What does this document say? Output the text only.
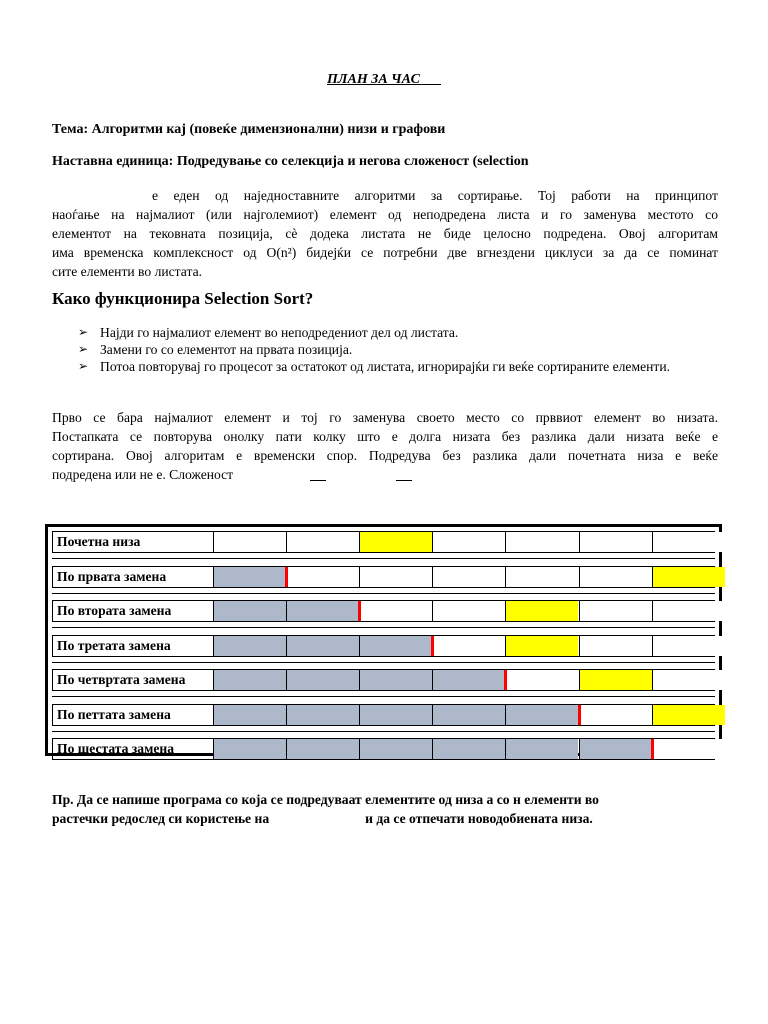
ПЛАН ЗА ЧАС
Тема: Алгоритми кај (повеќе димензионални) низи и графови
Наставна единица: Подредување со селекција и негова сложеност (selection
е еден од наједноставните алгоритми за сортирање. Тој работи на принципот
наоѓање на најмалиот (или најголемиот) елемент од неподредена листа и го заменува местото со
елементот на тековната позиција, сè додека листата не биде целосно подредена. Овој алгоритам
има временска комплексност од O(n²) бидејќи се потребни две вгнездени циклуси за да се поминат
сите елементи во листата.
Како функционира Selection Sort?
➢ Најди го најмалиот елемент во неподредениот дел од листата.
➢ Замени го со елементот на првата позиција.
➢ Потоа повторувај го процесот за остатокот од листата, игнорирајќи ги веќе сортираните елементи.
Прво се бара најмалиот елемент и тој го заменува своето место со прввиот елемент во низата.
Постапката се повторува онолку пати колку што е долга низата без разлика дали низата веќе е
сортирана. Овој алгоритам е временски спор. Подредува без разлика дали почетната низа е веќе
подредена или не е. Сложеност
Почетна низа
По првата замена
По втората замена
По третата замена
По четвртата замена
По петтата замена
По шестата замена
Пр. Да се напише програма со која се подредуваат елементите од низа а со н елементи во
растечки редослед си користење на	и да се отпечати новодобиената низа.
